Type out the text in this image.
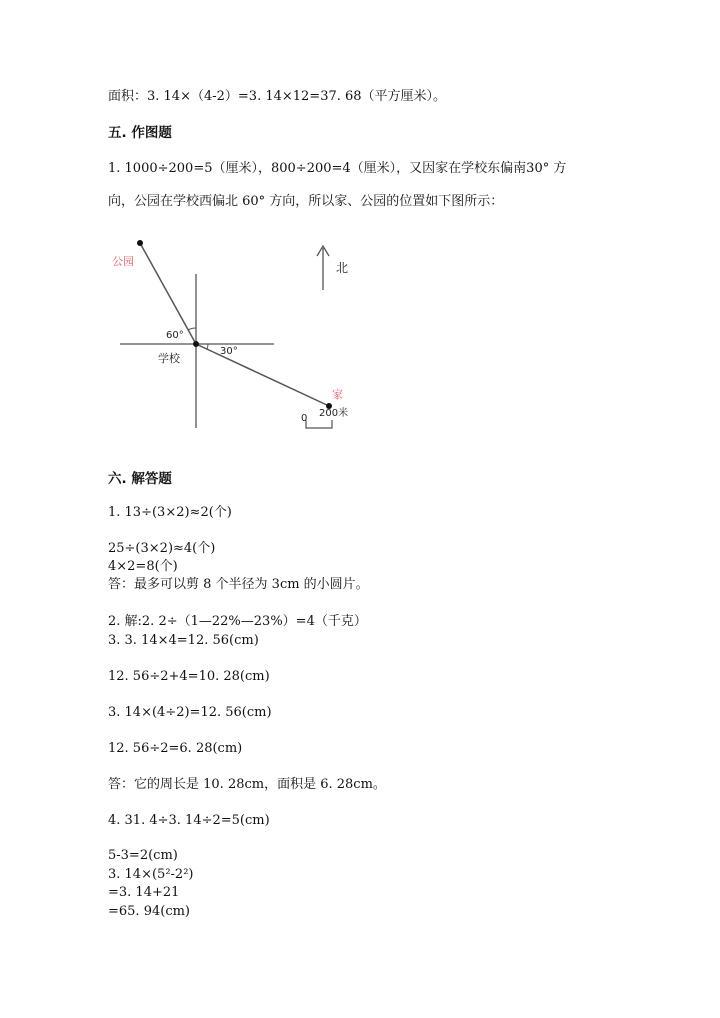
面积：3. 14×（4-2）=3. 14×12=37. 68（平方厘米）。
五. 作图题
1. 1000÷200=5（厘米），800÷200=4（厘米），又因家在学校东偏南30° 方
向，公园在学校西偏北 60° 方向，所以家、公园的位置如下图所示：
公园
60°
学校
30°
北
家
0 200米
六. 解答题
1. 13÷(3×2)≈2(个)
25÷(3×2)≈4(个)
4×2=8(个)
答：最多可以剪 8 个半径为 3cm 的小圆片。
2. 解:2. 2÷（1—22%—23%）=4（千克）
3. 3. 14×4=12. 56(cm)
12. 56÷2+4=10. 28(cm)
3. 14×(4÷2)=12. 56(cm)
12. 56÷2=6. 28(cm)
答：它的周长是 10. 28cm，面积是 6. 28cm。
4. 31. 4÷3. 14÷2=5(cm)
5-3=2(cm)
3. 14×(5²-2²)
=3. 14+21
=65. 94(cm)
